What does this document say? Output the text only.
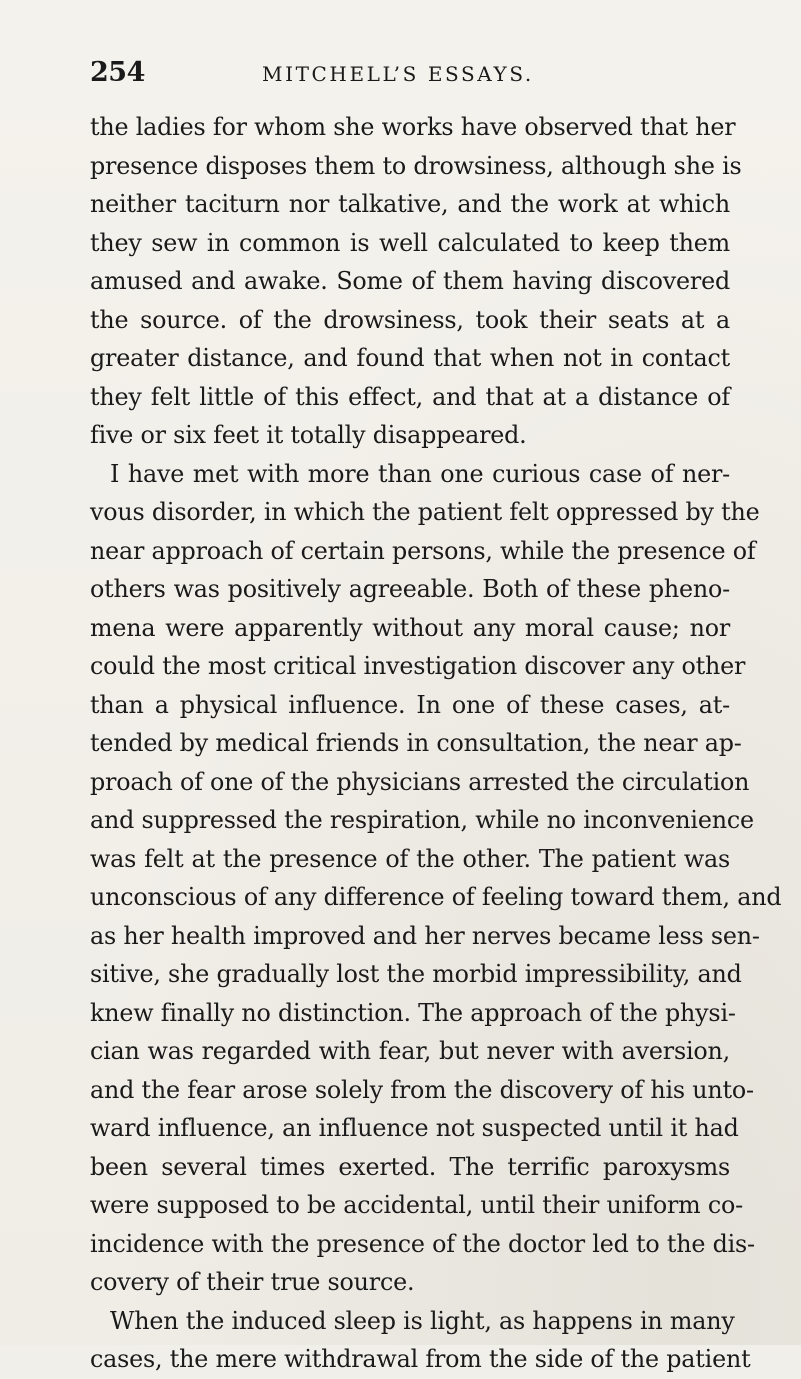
254	MITCHELL’S ESSAYS.
the ladies for whom she works have observed that her
presence disposes them to drowsiness, although she is
neither taciturn nor talkative, and the work at which
they sew in common is well calculated to keep them
amused and awake. Some of them having discovered
the source. of the drowsiness, took their seats at a
greater distance, and found that when not in contact
they felt little of this effect, and that at a distance of
five or six feet it totally disappeared.
I have met with more than one curious case of ner-
vous disorder, in which the patient felt oppressed by the
near approach of certain persons, while the presence of
others was positively agreeable. Both of these pheno-
mena were apparently without any moral cause; nor
could the most critical investigation discover any other
than a physical influence. In one of these cases, at-
tended by medical friends in consultation, the near ap-
proach of one of the physicians arrested the circulation
and suppressed the respiration, while no inconvenience
was felt at the presence of the other. The patient was
unconscious of any difference of feeling toward them, and
as her health improved and her nerves became less sen-
sitive, she gradually lost the morbid impressibility, and
knew finally no distinction. The approach of the physi-
cian was regarded with fear, but never with aversion,
and the fear arose solely from the discovery of his unto-
ward influence, an influence not suspected until it had
been several times exerted. The terrific paroxysms
were supposed to be accidental, until their uniform co-
incidence with the presence of the doctor led to the dis-
covery of their true source.
When the induced sleep is light, as happens in many
cases, the mere withdrawal from the side of the patient
